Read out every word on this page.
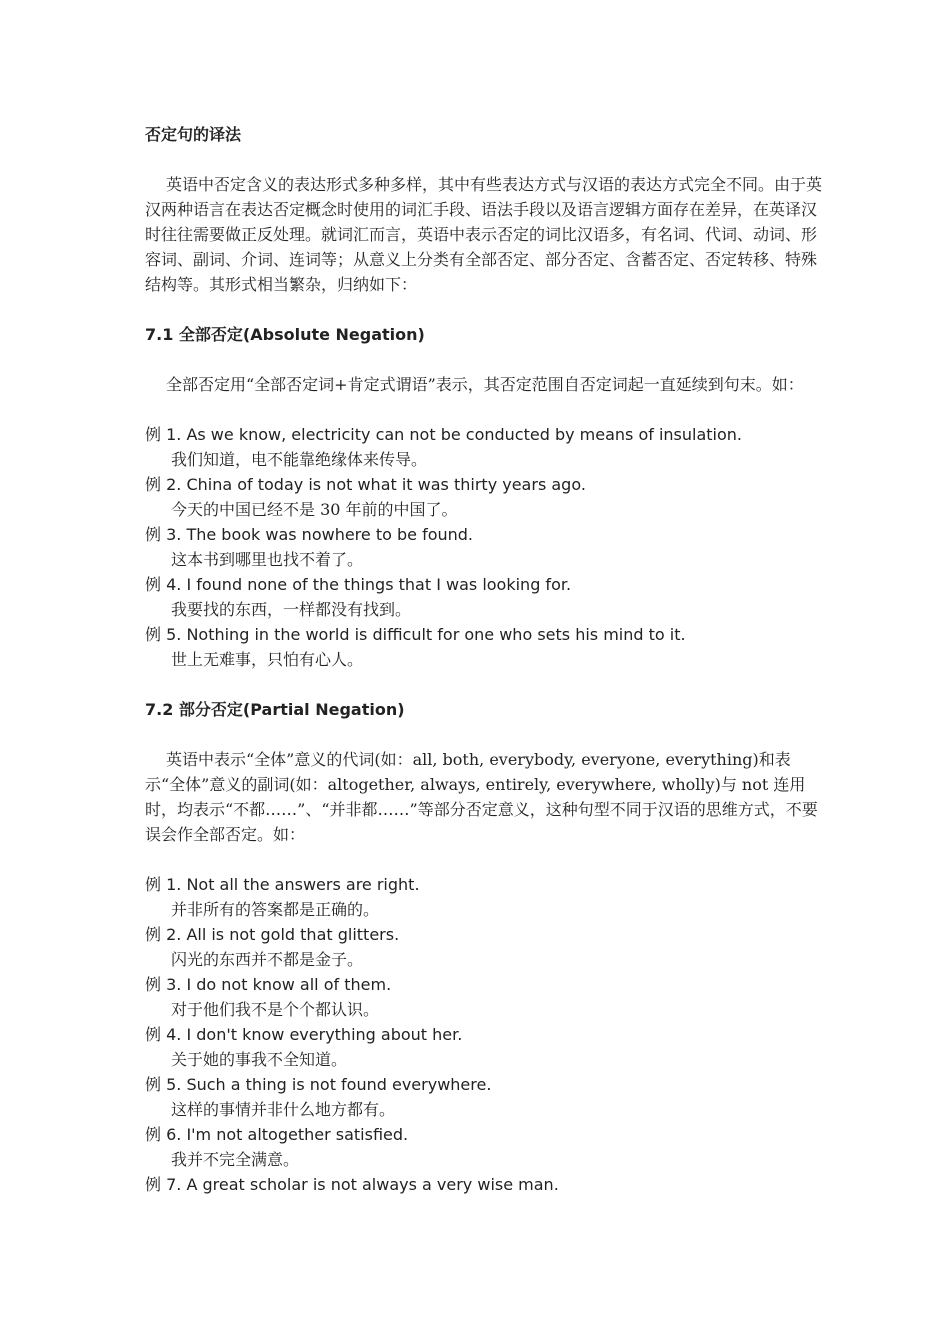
否定句的译法

英语中否定含义的表达形式多种多样，其中有些表达方式与汉语的表达方式完全不同。由于英汉两种语言在表达否定概念时使用的词汇手段、语法手段以及语言逻辑方面存在差异，在英译汉时往往需要做正反处理。就词汇而言，英语中表示否定的词比汉语多，有名词、代词、动词、形容词、副词、介词、连词等；从意义上分类有全部否定、部分否定、含蓄否定、否定转移、特殊结构等。其形式相当繁杂，归纳如下：

7.1 全部否定(Absolute Negation)

全部否定用“全部否定词+肯定式谓语”表示，其否定范围自否定词起一直延续到句末。如：

例 1. As we know, electricity can not be conducted by means of insulation.
我们知道，电不能靠绝缘体来传导。
例 2. China of today is not what it was thirty years ago.
今天的中国已经不是 30 年前的中国了。
例 3. The book was nowhere to be found.
这本书到哪里也找不着了。
例 4. I found none of the things that I was looking for.
我要找的东西，一样都没有找到。
例 5. Nothing in the world is difficult for one who sets his mind to it.
世上无难事，只怕有心人。
7.2 部分否定(Partial Negation)

英语中表示“全体”意义的代词(如：all, both, everybody, everyone, everything)和表示“全体”意义的副词(如：altogether, always, entirely, everywhere, wholly)与 not 连用时，均表示“不都……”、“并非都……”等部分否定意义，这种句型不同于汉语的思维方式，不要误会作全部否定。如：

例 1. Not all the answers are right.
并非所有的答案都是正确的。
例 2. All is not gold that glitters.
闪光的东西并不都是金子。
例 3. I do not know all of them.
对于他们我不是个个都认识。
例 4. I don't know everything about her.
关于她的事我不全知道。
例 5. Such a thing is not found everywhere.
这样的事情并非什么地方都有。
例 6. I'm not altogether satisfied.
我并不完全满意。
例 7. A great scholar is not always a very wise man.
